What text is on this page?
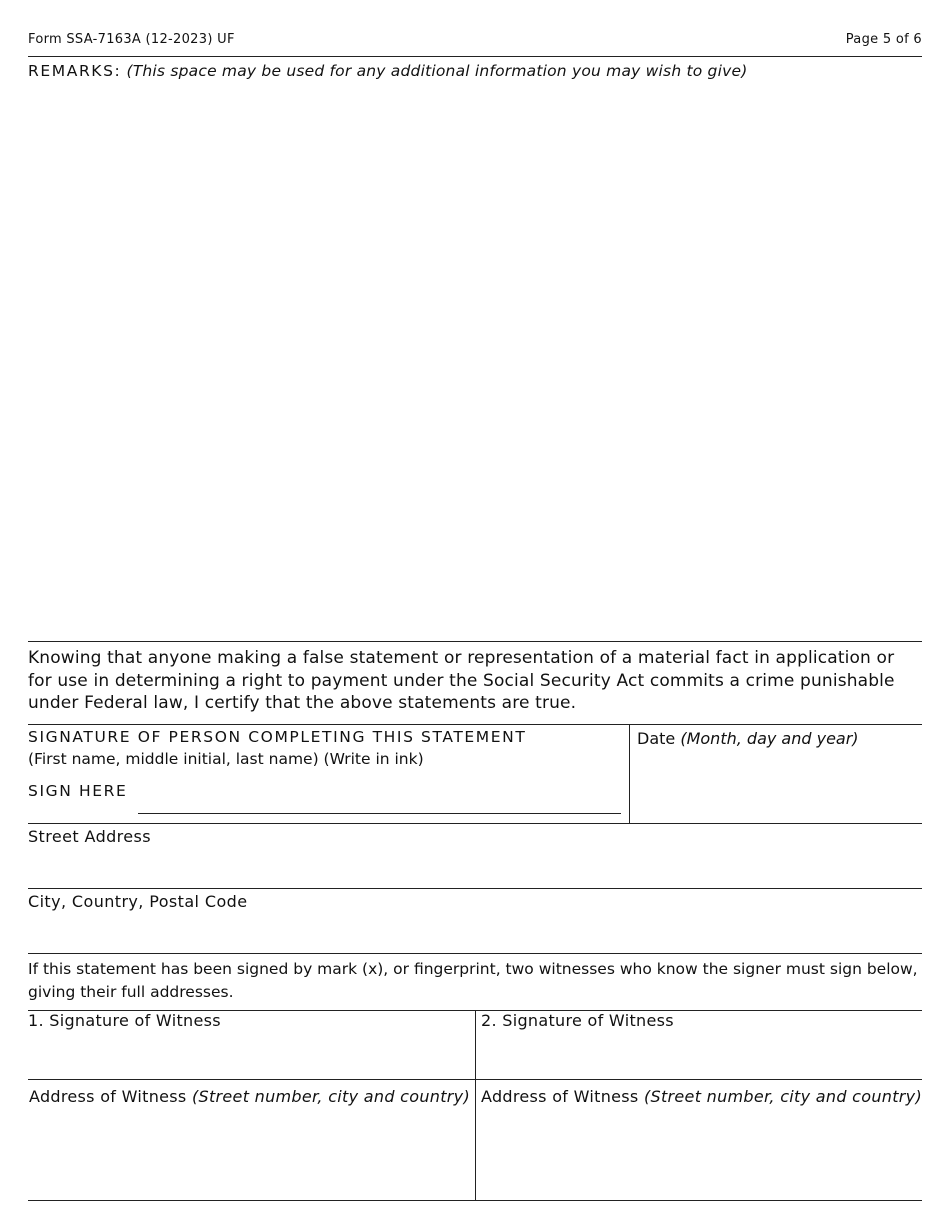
Form SSA-7163A (12-2023) UF	Page 5 of 6
REMARKS: (This space may be used for any additional information you may wish to give)
Knowing that anyone making a false statement or representation of a material fact in application or for use in determining a right to payment under the Social Security Act commits a crime punishable under Federal law, I certify that the above statements are true.
SIGNATURE OF PERSON COMPLETING THIS STATEMENT
(First name, middle initial, last name) (Write in ink)
SIGN HERE
Date (Month, day and year)
Street Address
City, Country, Postal Code
If this statement has been signed by mark (x), or fingerprint, two witnesses who know the signer must sign below, giving their full addresses.
1. Signature of Witness	2. Signature of Witness
Address of Witness (Street number, city and country) Address of Witness (Street number, city and country)
